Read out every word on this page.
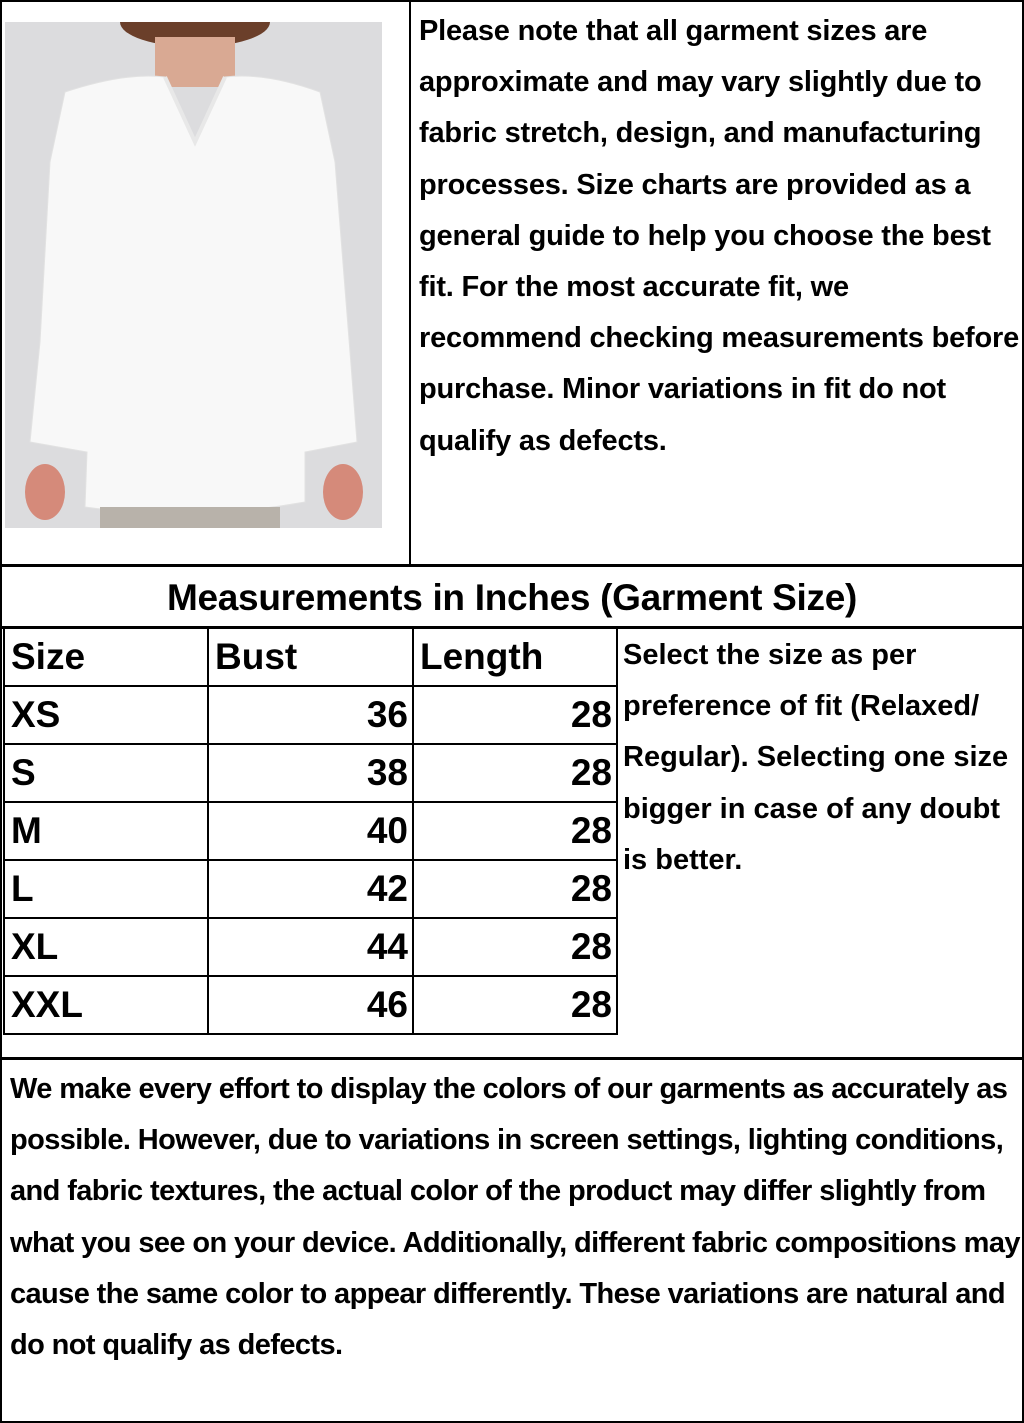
Please note that all garment sizes are approximate and may vary slightly due to fabric stretch, design, and manufacturing processes. Size charts are provided as a general guide to help you choose the best fit. For the most accurate fit, we recommend checking measurements before purchase. Minor variations in fit do not qualify as defects.
Measurements in Inches (Garment Size)
Size	Bust	Length
XS	36	28
S	38	28
M	40	28
L	42	28
XL	44	28
XXL	46	28
Select the size as per preference of fit (Relaxed/ Regular). Selecting one size bigger in case of any doubt is better.
We make every effort to display the colors of our garments as accurately as possible. However, due to variations in screen settings, lighting conditions, and fabric textures, the actual color of the product may differ slightly from what you see on your device. Additionally, different fabric compositions may cause the same color to appear differently. These variations are natural and do not qualify as defects.
